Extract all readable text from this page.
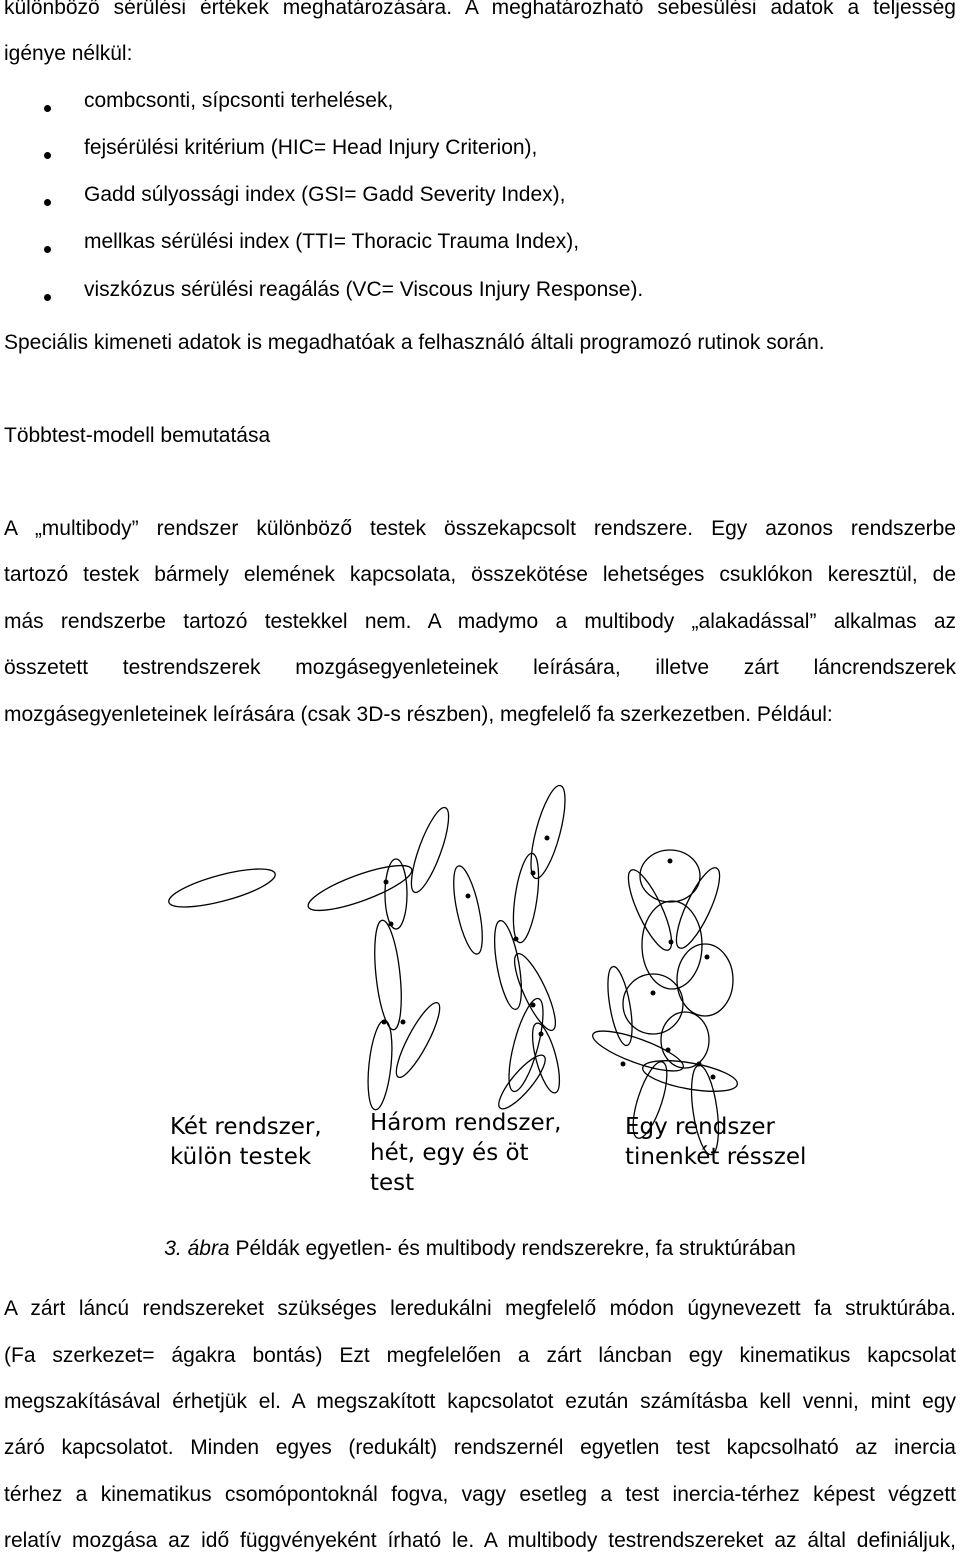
különböző sérülési értékek meghatározására. A meghatározható sebesülési adatok a teljesség
igénye nélkül:
combcsonti, sípcsonti terhelések,
fejsérülési kritérium (HIC= Head Injury Criterion),
Gadd súlyossági index (GSI= Gadd Severity Index),
mellkas sérülési index (TTI= Thoracic Trauma Index),
viszkózus sérülési reagálás (VC= Viscous Injury Response).
Speciális kimeneti adatok is megadhatóak a felhasználó általi programozó rutinok során.
Többtest-modell bemutatása
A „multibody” rendszer különböző testek összekapcsolt rendszere. Egy azonos rendszerbe
tartozó testek bármely elemének kapcsolata, összekötése lehetséges csuklókon keresztül, de
más rendszerbe tartozó testekkel nem. A madymo a multibody „alakadással” alkalmas az
összetett testrendszerek mozgásegyenleteinek leírására, illetve zárt láncrendszerek
mozgásegyenleteinek leírására (csak 3D-s részben), megfelelő fa szerkezetben. Például:
Két rendszer,
külön testek
Három rendszer,
hét, egy és öt
test
Egy rendszer
tinenkét résszel
3. ábra Példák egyetlen- és multibody rendszerekre, fa struktúrában
A zárt láncú rendszereket szükséges leredukálni megfelelő módon úgynevezett fa struktúrába.
(Fa szerkezet= ágakra bontás) Ezt megfelelően a zárt láncban egy kinematikus kapcsolat
megszakításával érhetjük el. A megszakított kapcsolatot ezután számításba kell venni, mint egy
záró kapcsolatot. Minden egyes (redukált) rendszernél egyetlen test kapcsolható az inercia
térhez a kinematikus csomópontoknál fogva, vagy esetleg a test inercia-térhez képest végzett
relatív mozgása az idő függvényeként írható le. A multibody testrendszereket az által definiáljuk,
